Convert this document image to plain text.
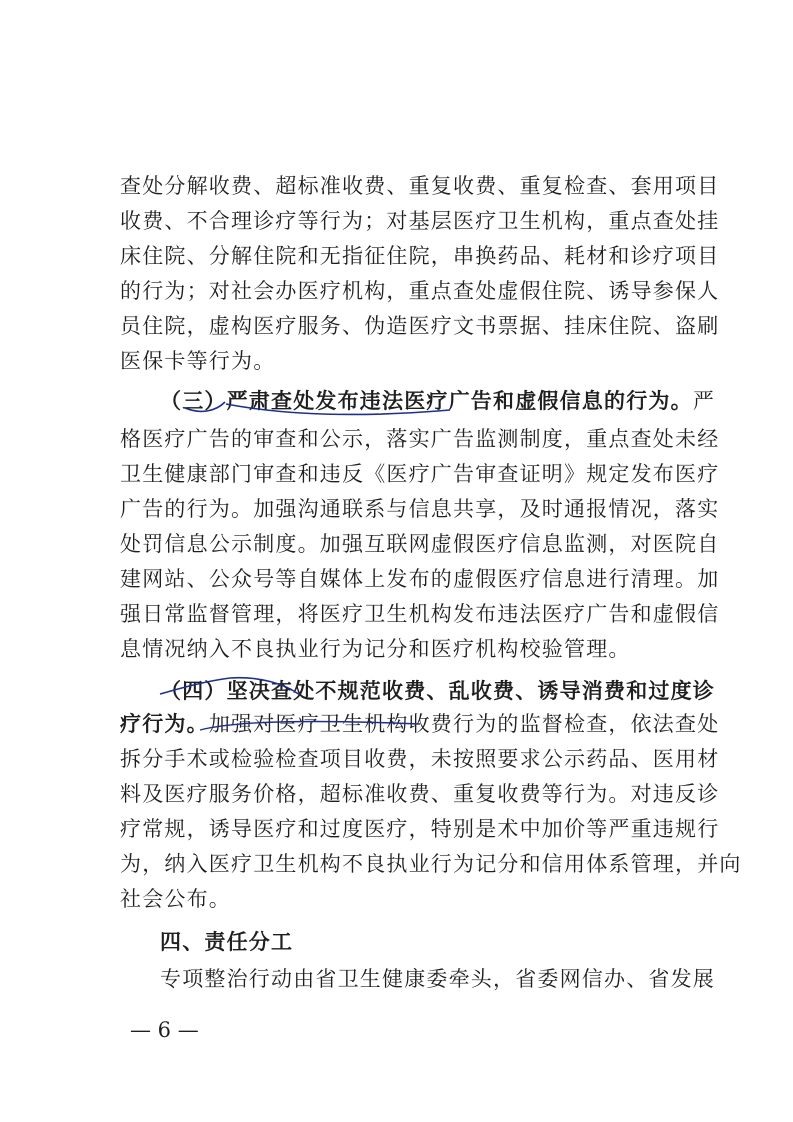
查处分解收费、超标准收费、重复收费、重复检查、套用项目
收费、不合理诊疗等行为；对基层医疗卫生机构，重点查处挂
床住院、分解住院和无指征住院，串换药品、耗材和诊疗项目
的行为；对社会办医疗机构，重点查处虚假住院、诱导参保人
员住院，虚构医疗服务、伪造医疗文书票据、挂床住院、盗刷
医保卡等行为。
（三）严肃查处发布违法医疗广告和虚假信息的行为。严
格医疗广告的审查和公示，落实广告监测制度，重点查处未经
卫生健康部门审查和违反《医疗广告审查证明》规定发布医疗
广告的行为。加强沟通联系与信息共享，及时通报情况，落实
处罚信息公示制度。加强互联网虚假医疗信息监测，对医院自
建网站、公众号等自媒体上发布的虚假医疗信息进行清理。加
强日常监督管理，将医疗卫生机构发布违法医疗广告和虚假信
息情况纳入不良执业行为记分和医疗机构校验管理。
（四）坚决查处不规范收费、乱收费、诱导消费和过度诊
疗行为。加强对医疗卫生机构收费行为的监督检查，依法查处
拆分手术或检验检查项目收费，未按照要求公示药品、医用材
料及医疗服务价格，超标准收费、重复收费等行为。对违反诊
疗常规，诱导医疗和过度医疗，特别是术中加价等严重违规行
为，纳入医疗卫生机构不良执业行为记分和信用体系管理，并向
社会公布。
四、责任分工
专项整治行动由省卫生健康委牵头，省委网信办、省发展
— 6 —
